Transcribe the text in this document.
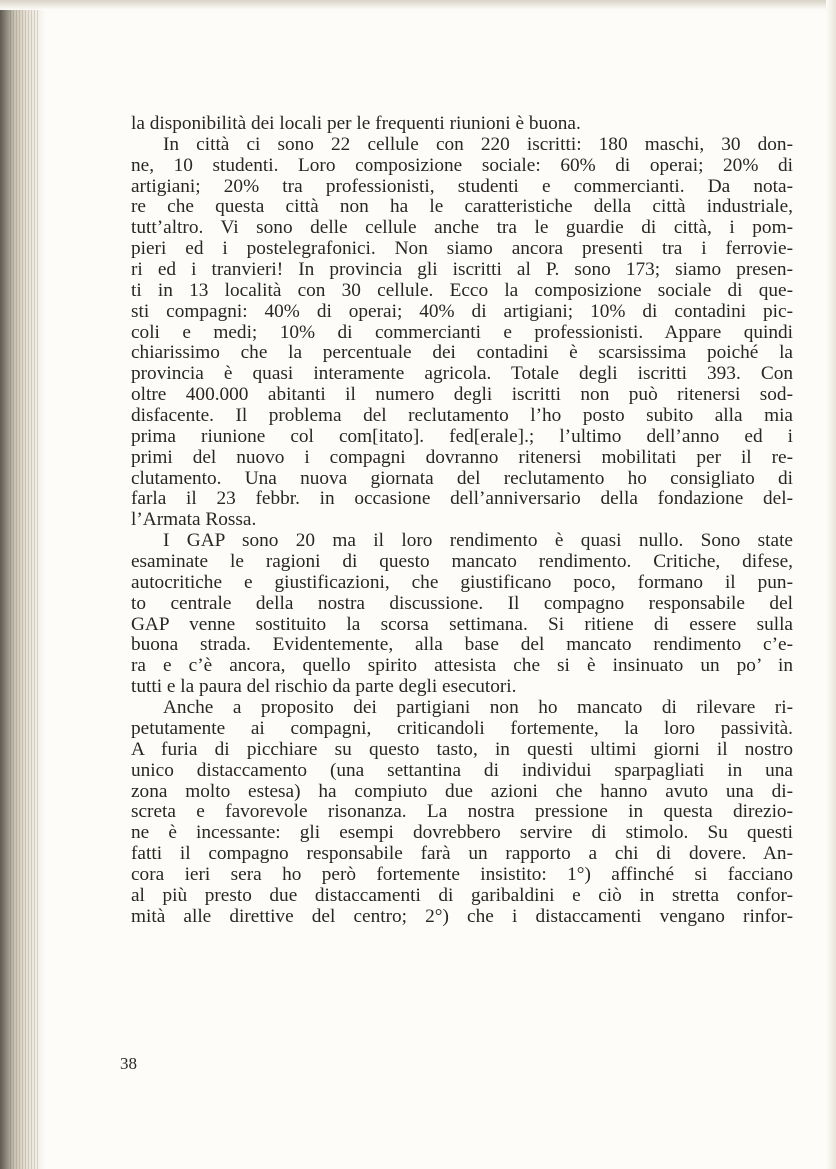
la disponibilità dei locali per le frequenti riunioni è buona.
In città ci sono 22 cellule con 220 iscritti: 180 maschi, 30 don-
ne, 10 studenti. Loro composizione sociale: 60% di operai; 20% di
artigiani; 20% tra professionisti, studenti e commercianti. Da nota-
re che questa città non ha le caratteristiche della città industriale,
tutt’altro. Vi sono delle cellule anche tra le guardie di città, i pom-
pieri ed i postelegrafonici. Non siamo ancora presenti tra i ferrovie-
ri ed i tranvieri! In provincia gli iscritti al P. sono 173; siamo presen-
ti in 13 località con 30 cellule. Ecco la composizione sociale di que-
sti compagni: 40% di operai; 40% di artigiani; 10% di contadini pic-
coli e medi; 10% di commercianti e professionisti. Appare quindi
chiarissimo che la percentuale dei contadini è scarsissima poiché la
provincia è quasi interamente agricola. Totale degli iscritti 393. Con
oltre 400.000 abitanti il numero degli iscritti non può ritenersi sod-
disfacente. Il problema del reclutamento l’ho posto subito alla mia
prima riunione col com[itato]. fed[erale].; l’ultimo dell’anno ed i
primi del nuovo i compagni dovranno ritenersi mobilitati per il re-
clutamento. Una nuova giornata del reclutamento ho consigliato di
farla il 23 febbr. in occasione dell’anniversario della fondazione del-
l’Armata Rossa.
I GAP sono 20 ma il loro rendimento è quasi nullo. Sono state
esaminate le ragioni di questo mancato rendimento. Critiche, difese,
autocritiche e giustificazioni, che giustificano poco, formano il pun-
to centrale della nostra discussione. Il compagno responsabile del
GAP venne sostituito la scorsa settimana. Si ritiene di essere sulla
buona strada. Evidentemente, alla base del mancato rendimento c’e-
ra e c’è ancora, quello spirito attesista che si è insinuato un po’ in
tutti e la paura del rischio da parte degli esecutori.
Anche a proposito dei partigiani non ho mancato di rilevare ri-
petutamente ai compagni, criticandoli fortemente, la loro passività.
A furia di picchiare su questo tasto, in questi ultimi giorni il nostro
unico distaccamento (una settantina di individui sparpagliati in una
zona molto estesa) ha compiuto due azioni che hanno avuto una di-
screta e favorevole risonanza. La nostra pressione in questa direzio-
ne è incessante: gli esempi dovrebbero servire di stimolo. Su questi
fatti il compagno responsabile farà un rapporto a chi di dovere. An-
cora ieri sera ho però fortemente insistito: 1°) affinché si facciano
al più presto due distaccamenti di garibaldini e ciò in stretta confor-
mità alle direttive del centro; 2°) che i distaccamenti vengano rinfor-
38
